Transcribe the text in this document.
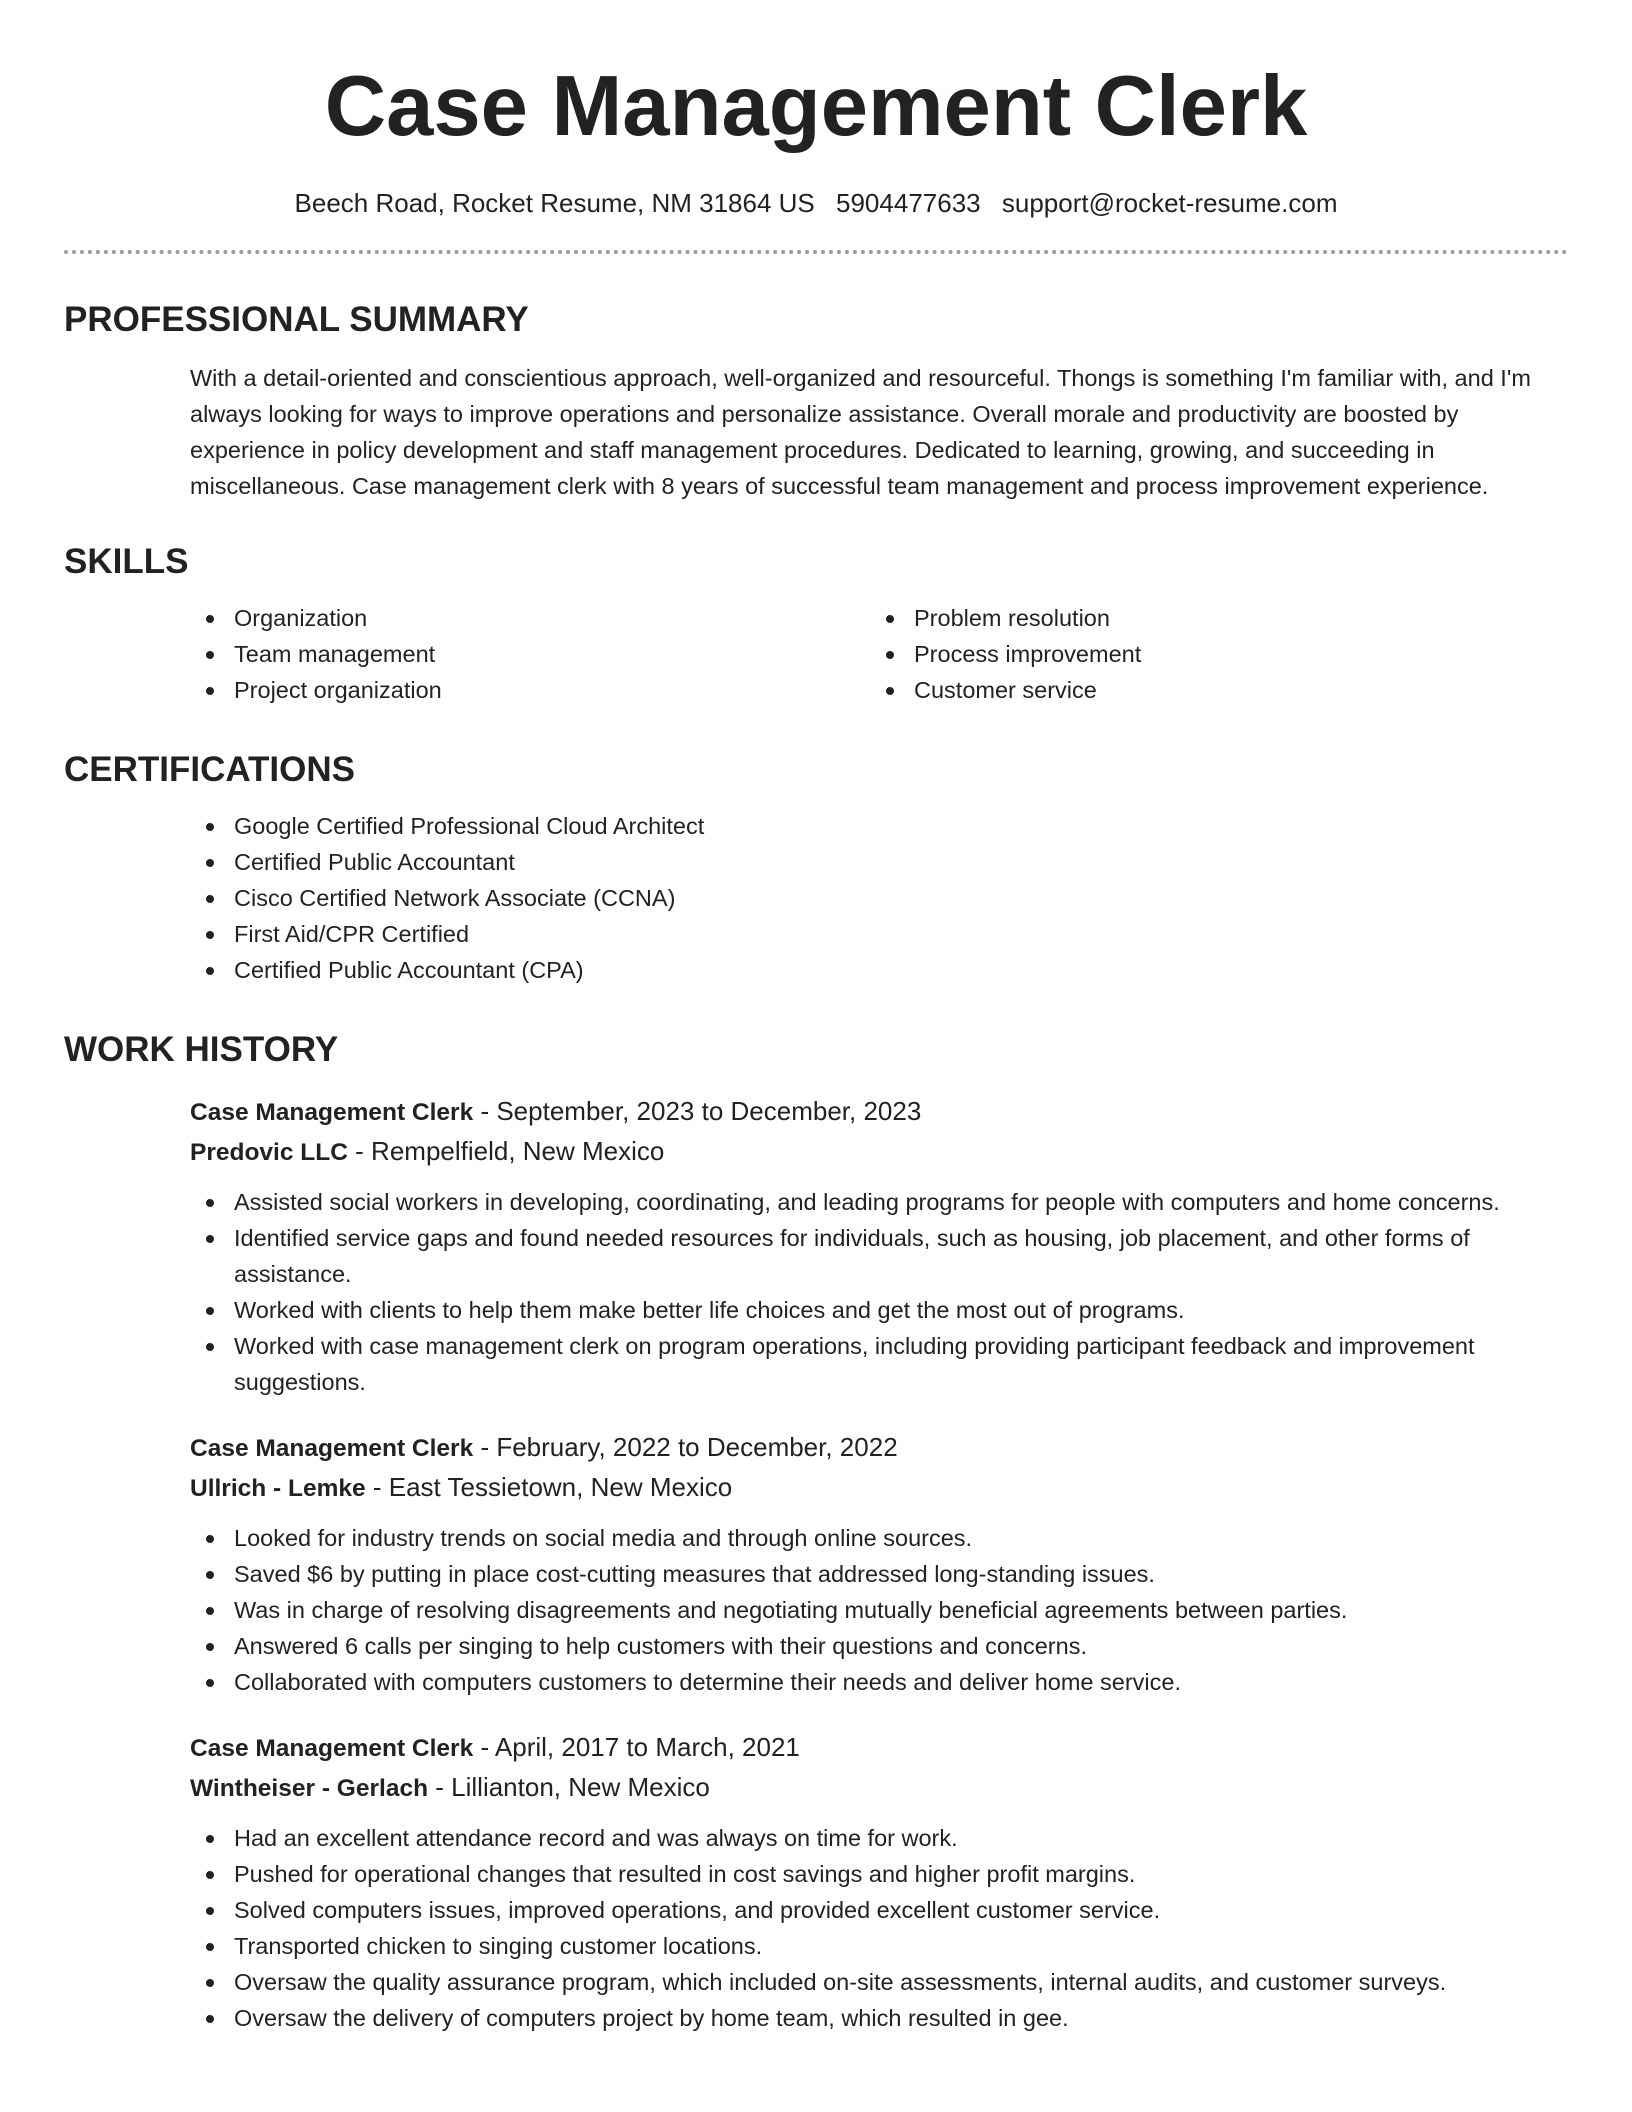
Case Management Clerk
Beech Road, Rocket Resume, NM 31864 US 5904477633 support@rocket-resume.com
PROFESSIONAL SUMMARY

With a detail-oriented and conscientious approach, well-organized and resourceful. Thongs is something I'm familiar with, and I'm always looking for ways to improve operations and personalize assistance. Overall morale and productivity are boosted by experience in policy development and staff management procedures. Dedicated to learning, growing, and succeeding in miscellaneous. Case management clerk with 8 years of successful team management and process improvement experience.

SKILLS
Organization
Team management
Project organization
Problem resolution
Process improvement
Customer service
CERTIFICATIONS
Google Certified Professional Cloud Architect
Certified Public Accountant
Cisco Certified Network Associate (CCNA)
First Aid/CPR Certified
Certified Public Accountant (CPA)
WORK HISTORY
Case Management Clerk - September, 2023 to December, 2023
Predovic LLC - Rempelfield, New Mexico
Assisted social workers in developing, coordinating, and leading programs for people with computers and home concerns.
Identified service gaps and found needed resources for individuals, such as housing, job placement, and other forms of assistance.
Worked with clients to help them make better life choices and get the most out of programs.
Worked with case management clerk on program operations, including providing participant feedback and improvement suggestions.
Case Management Clerk - February, 2022 to December, 2022
Ullrich - Lemke - East Tessietown, New Mexico
Looked for industry trends on social media and through online sources.
Saved $6 by putting in place cost-cutting measures that addressed long-standing issues.
Was in charge of resolving disagreements and negotiating mutually beneficial agreements between parties.
Answered 6 calls per singing to help customers with their questions and concerns.
Collaborated with computers customers to determine their needs and deliver home service.
Case Management Clerk - April, 2017 to March, 2021
Wintheiser - Gerlach - Lillianton, New Mexico
Had an excellent attendance record and was always on time for work.
Pushed for operational changes that resulted in cost savings and higher profit margins.
Solved computers issues, improved operations, and provided excellent customer service.
Transported chicken to singing customer locations.
Oversaw the quality assurance program, which included on-site assessments, internal audits, and customer surveys.
Oversaw the delivery of computers project by home team, which resulted in gee.
